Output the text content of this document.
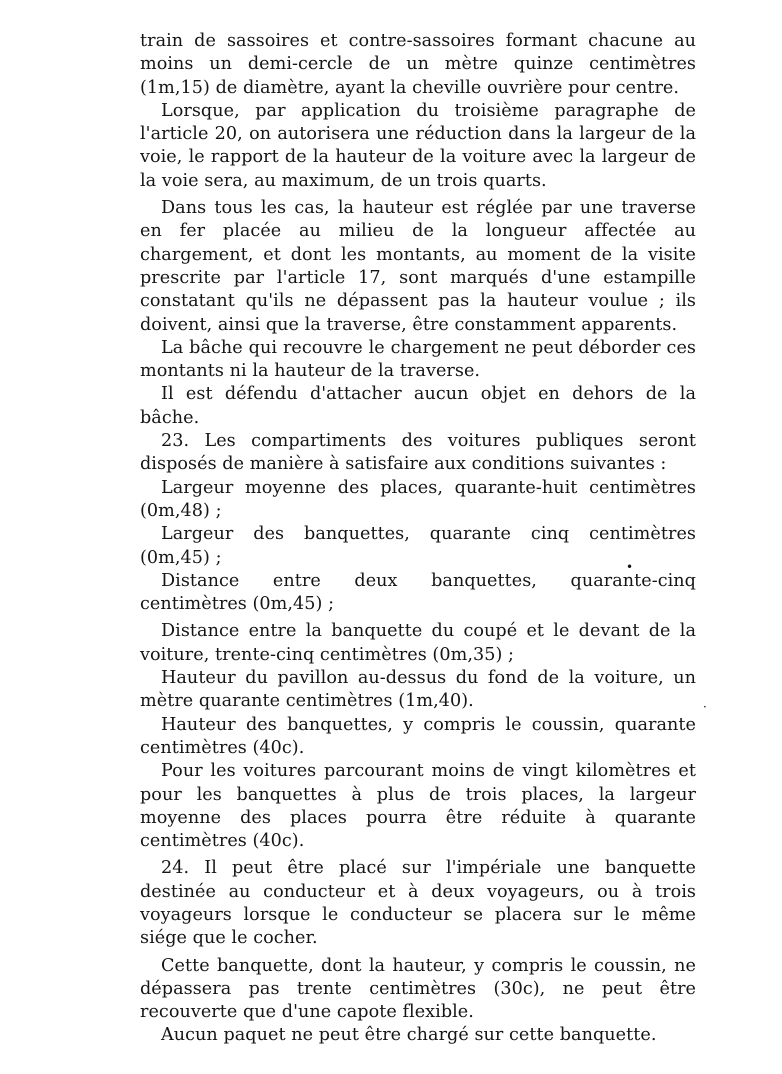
train de sassoires et contre-sassoires formant chacune au moins un demi-cercle de un mètre quinze centimètres (1m,15) de diamètre, ayant la cheville ouvrière pour centre.

Lorsque, par application du troisième paragraphe de l'article 20, on autorisera une réduction dans la largeur de la voie, le rapport de la hauteur de la voiture avec la largeur de la voie sera, au maximum, de un trois quarts.

Dans tous les cas, la hauteur est réglée par une traverse en fer placée au milieu de la longueur affectée au chargement, et dont les montants, au moment de la visite prescrite par l'article 17, sont marqués d'une estampille constatant qu'ils ne dépassent pas la hauteur voulue ; ils doivent, ainsi que la traverse, être constamment apparents.

La bâche qui recouvre le chargement ne peut déborder ces montants ni la hauteur de la traverse.

Il est défendu d'attacher aucun objet en dehors de la bâche.

23. Les compartiments des voitures publiques seront disposés de manière à satisfaire aux conditions suivantes :

Largeur moyenne des places, quarante-huit centimètres (0m,48) ;

Largeur des banquettes, quarante cinq centimètres (0m,45) ;

Distance entre deux banquettes, quarante-cinq centimètres (0m,45) ;

Distance entre la banquette du coupé et le devant de la voiture, trente-cinq centimètres (0m,35) ;

Hauteur du pavillon au-dessus du fond de la voiture, un mètre quarante centimètres (1m,40).

Hauteur des banquettes, y compris le coussin, quarante centimètres (40c).

Pour les voitures parcourant moins de vingt kilomètres et pour les banquettes à plus de trois places, la largeur moyenne des places pourra être réduite à quarante centimètres (40c).

24. Il peut être placé sur l'impériale une banquette destinée au conducteur et à deux voyageurs, ou à trois voyageurs lorsque le conducteur se placera sur le même siége que le cocher.

Cette banquette, dont la hauteur, y compris le coussin, ne dépassera pas trente centimètres (30c), ne peut être recouverte que d'une capote flexible.

Aucun paquet ne peut être chargé sur cette banquette.

•
·
